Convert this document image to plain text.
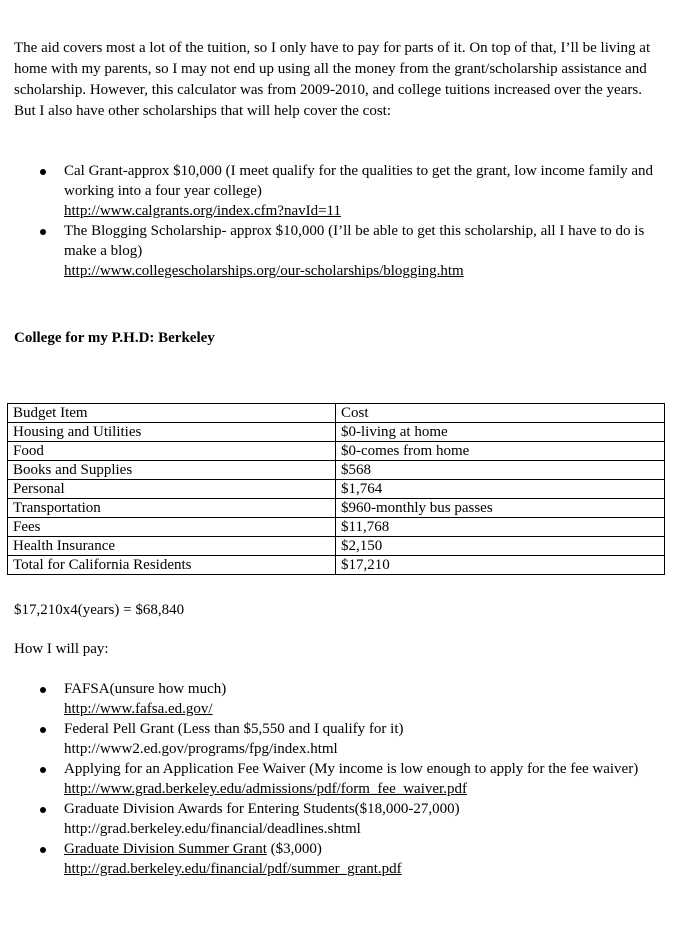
The aid covers most a lot of the tuition, so I only have to pay for parts of it. On top of that, I’ll be living at home with my parents, so I may not end up using all the money from the grant/scholarship assistance and scholarship. However, this calculator was from 2009-2010, and college tuitions increased over the years. But I also have other scholarships that will help cover the cost:

Cal Grant-approx $10,000 (I meet qualify for the qualities to get the grant, low income family and working into a four year college)
http://www.calgrants.org/index.cfm?navId=11
The Blogging Scholarship- approx $10,000 (I’ll be able to get this scholarship, all I have to do is make a blog)
http://www.collegescholarships.org/our-scholarships/blogging.htm

College for my P.H.D: Berkeley

Budget Item	Cost
Housing and Utilities	$0-living at home
Food	$0-comes from home
Books and Supplies	$568
Personal	$1,764
Transportation	$960-monthly bus passes
Fees	$11,768
Health Insurance	$2,150
Total for California Residents	$17,210

$17,210x4(years) = $68,840

How I will pay:

FAFSA(unsure how much)
http://www.fafsa.ed.gov/
Federal Pell Grant (Less than $5,550 and I qualify for it)
http://www2.ed.gov/programs/fpg/index.html
Applying for an Application Fee Waiver (My income is low enough to apply for the fee waiver)
http://www.grad.berkeley.edu/admissions/pdf/form_fee_waiver.pdf
Graduate Division Awards for Entering Students($18,000-27,000)
http://grad.berkeley.edu/financial/deadlines.shtml
Graduate Division Summer Grant ($3,000)
http://grad.berkeley.edu/financial/pdf/summer_grant.pdf
